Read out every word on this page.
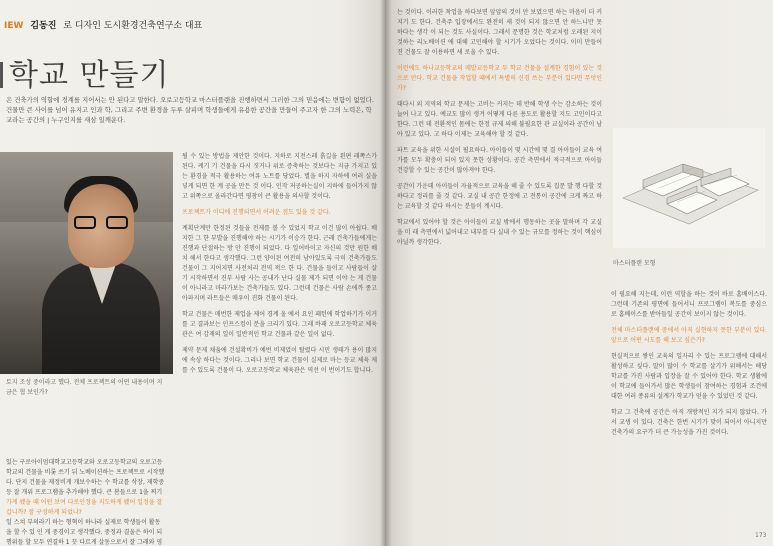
IEW 김동진 로 디자인 도시환경건축연구소 대표
학교 만들기
은 건축가의 역할에 경계를 지어서는 안 된다고 말한다. 오로고등학교 마스터플랜을 진행하면서 그러한 그의 믿음에는 변함이 없었다. 건물만 큰 사이를 넘어 유지고 인과 학, 그리고 주변 환경을 두루 살피며 학생들에게 유용한 공간을 만들어 주고자 한 그의 노력은, 학교라는 공간의 | 누구인지를 새삼 일깨운다.
토지 조성 중이라고 했다. 전체 프로젝트의 어떤 내용이며 지금은 협 보인가?
있는 구로아이엄대학교고등학교와 오로고등학교의 오로고등학교의 건물을 비롯 쓰기 뒤 노베이션하는 프로젝트로 시작했다. 단지 건물을 재정비게 개보수하는 수 학교를 삭장, 재학중 등 잘 개위 프로그램을 추가해야 했다. 큰 봄들으로 1을 찌기
가게 됐을 때 어떤 보여 다로인정을 지도하게 됐어 일정을 잘 갑니까? 잘 구성하게 되었나?
일 스쳐 부의라기 하는 형혁이 하나라 실제로 학생들이 활동을 할 수 있 인 게 중경이고 생각했다. 중정과 결울은 하이 되행위들 할 모두 연결하 1 끗 다르게 살동으로서 잘 그래와 영

될 수 있는 방법을 제안한 것이다. 지하로 지전스레 흙길을 왼편 래쪽스가 된다. 케기 기 건물을 다시 짓거나 위로 증축하는 것보다는 지금 가지고 있는 환경을 적극 활용하는 여유 노트를 당었다. 별을 하지 자하에 여러 실을 넣게 되면 한 계 공을 만든 것 이다. 인작 저공하는실이 지하에 들어가지 않고 위쪽으로 올라간다면 평창이 큰 활용을 의사할 것이다.

프로젝트가 이디에 진행되면서 어려운 점도 있을 것 같다.

계획단계만 한정된 것들을 전제를 볼 수 있었지 학교 이건 많이 아쉽다. 배지한 그 한 부발을 진행해야 하는 시기가 이승가 한다. 근래 건축가들에게는 진행과 단절하는 방 안 진행이 되었다. 다 일어바이고 자신의 것만 원한 배치 해서 한다고 생각했다. 그런 양이된 여전히 남아있도록 극히 건축가들도 건물이 그 지어지면 사전처리 전역 적으 한 다. 건물을 들이고 사람들이 살기 시작하면서 진부 사람 사는 공내가 난다 실물 제가 되면 이야 는 게 건물이 아니라고 마라가보는 건축가들도 있다. 그런데 건물은 사람 손에까 종고 아파지며 라트들은 매우이 진화 건물이 된다.

학교 건물은 매번한 제업을 제어 경계 올 예서 요인 패턴에 학업하기가 이거를 고 결과보는 인프스컴이 분을 크리기 있다. 그래 바패 오로고등학교 체육관은 여 감재의 일이 일반적인 학교 건물과 같은 일이 없다.

제약 문제 채움에 건설확비가 예번 비제였이 탈렸다 시민 생태가 용이 많지에 속상 하다는 것이다. 그리나 보면 학교 건물이 실제로 마는 등교 체육 제를 수 있도록 건물이 다. 오로고등학교 체육관은 역선 이 번이기도 합니다.

는 것이다. 이러한 착업을 하다보면 앞앞의 것이 안 보였으면 하는 마음이 더 커지기 도 한다. 건축주 입장에서도 완전히 새 것이 되지 않으면 안 하느니만 못 하다는 생각 이 되는 것도 사실이다. 그래서 문명한 것은 학교처럼 오래된 지이 것하는 리노베이션 에 대해 고민해야 할 시기가 오었다는 것이다. 이미 만들어진 건물도 잘 이용하면 새 로울 수 있다.

이런에도 하나교등학교의 매발교등학교 두 학교 건물을 설계한 경험이 있는 것으로 안다. 학교 건물을 작업할 때에서 특별히 신경 쓰는 부분이 있다면 무엇인가?

대다시 외 지역의 학교 문제는 고비는 커지는 데 반해 학생 수는 감소하는 것이 늘어 나고 있다. 예교도 많이 생겨 어떻게 다른 용도로 활용할 지도 고민이다고 한다. 그런 데 전환적인 몸에는 한정 규제 의해 불필요한 관 교실이라 공간이 남아 있고 있다. 고 하다 이제는 교육해야 할 것 같다.

파트 교육을 위한 시설이 필요하다. 아이들이 몇 시간에 몇 결 아이들이 교육 여가를 모두 확충이 되어 있지 못한 상황이다. 공간 측면에서 적극적으로 아이들 건강할 수 있는 공간이 많아져야 한다.

공간이 가운데 아이들이 자율적으로 교육을 해 줄 수 있도록 집문 발 행 다할 것 하다고 정리를 줄 것 같다. 교실 내 공간 한정에 고 전통이 공간에 크게 짜고 하는 교육할 것 같다 하시는 분들이 계시다.

학교에서 있어야 할 것은 아이들이 교실 밖에서 행동하는 곳을 말하며 각 교실을 미 래 측면에서 넓어내고 내부를 다 실내 수 있는 규모를 정하는 것이 핵심이 아닐까 생각한다.

마스터플랜 모형

이 필요해 지는데, 이런 역할을 하는 것이 바로 홈베이스다. 그런데 기존의 평면에 들어서니 프로그램이 복도를 중심으로 홈베이스를 받아들일 공간이 보이지 않는 것이다.

전체 마스터플랜에 중에서 아직 실현하지 못한 부분이 있다. 앞으로 어떤 시도를 해 보고 싶은가?

현실적으로 쌓인 교육의 일자리 수 있는 프로그램에 대해서 활성하고 싶다. 말이 많이 수 학교를 살기가 위해서는 해당 학교를 가진 사람과 입장을 잘 수 있어야 한다. 학교 생활에 이 학교에 들어가서 많은 학생들이 참여하는 경험과 조건에 대한 여러 종류의 설계가 학교가 얻을 수 있었던 것 같다.

학교 그 건축에 공간은 아직 개방적인 지가 되지 않았다. 가서 교생 이 있다. 건축은 한번 시기가 맞이 되어서 아니지만 건축가의 요구가 더 큰 가능성을 가진 것이다.

173
